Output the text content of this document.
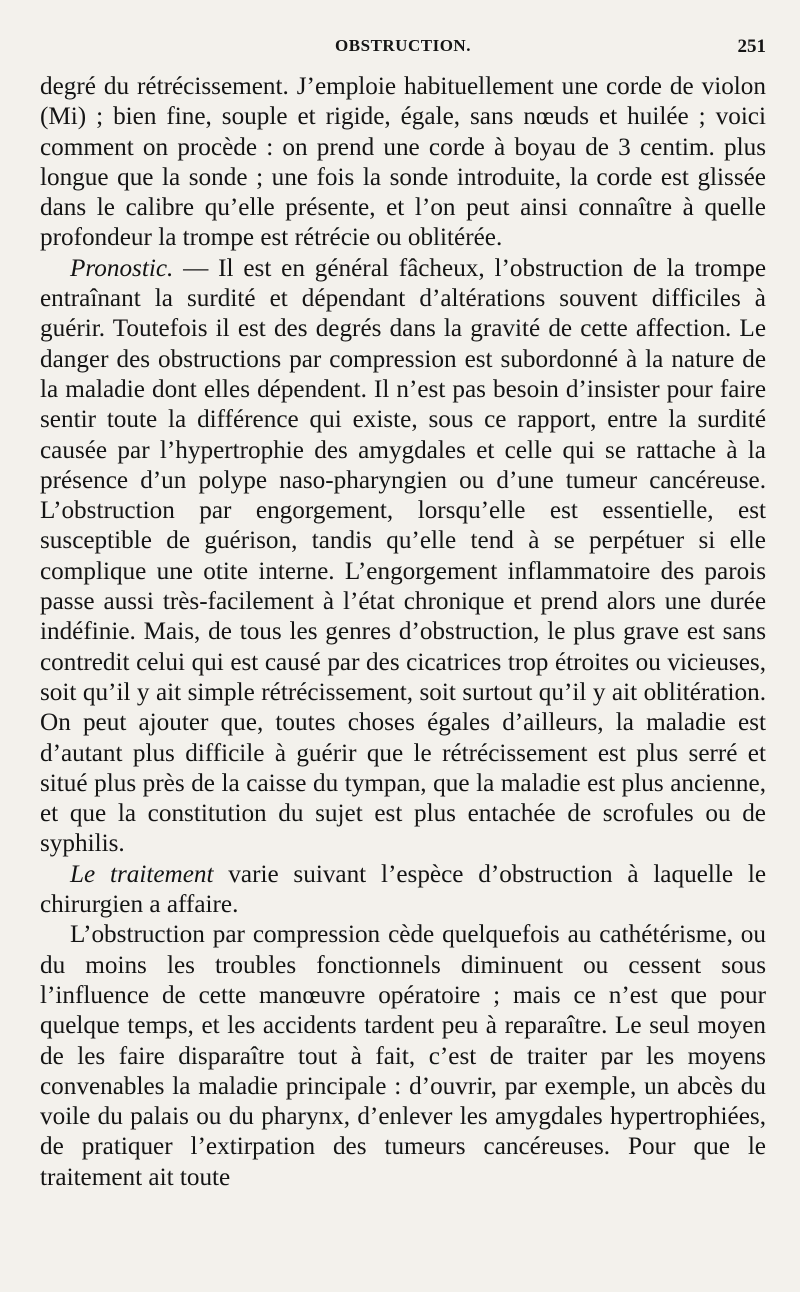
OBSTRUCTION.	251

degré du rétrécissement. J’emploie habituellement une corde de violon (Mi) ; bien fine, souple et rigide, égale, sans nœuds et huilée ; voici comment on procède : on prend une corde à boyau de 3 centim. plus longue que la sonde ; une fois la sonde introduite, la corde est glissée dans le calibre qu’elle présente, et l’on peut ainsi connaître à quelle profondeur la trompe est rétrécie ou oblitérée.

Pronostic. — Il est en général fâcheux, l’obstruction de la trompe entraînant la surdité et dépendant d’altérations souvent difficiles à guérir. Toutefois il est des degrés dans la gravité de cette affection. Le danger des obstructions par compression est subordonné à la nature de la maladie dont elles dépendent. Il n’est pas besoin d’insister pour faire sentir toute la différence qui existe, sous ce rapport, entre la surdité causée par l’hypertrophie des amygdales et celle qui se rattache à la présence d’un polype naso-pharyngien ou d’une tumeur cancéreuse. L’obstruction par engorgement, lorsqu’elle est essentielle, est susceptible de guérison, tandis qu’elle tend à se perpétuer si elle complique une otite interne. L’engorgement inflammatoire des parois passe aussi très-facilement à l’état chronique et prend alors une durée indéfinie. Mais, de tous les genres d’obstruction, le plus grave est sans contredit celui qui est causé par des cicatrices trop étroites ou vicieuses, soit qu’il y ait simple rétrécissement, soit surtout qu’il y ait oblitération. On peut ajouter que, toutes choses égales d’ailleurs, la maladie est d’autant plus difficile à guérir que le rétrécissement est plus serré et situé plus près de la caisse du tympan, que la maladie est plus ancienne, et que la constitution du sujet est plus entachée de scrofules ou de syphilis.

Le traitement varie suivant l’espèce d’obstruction à laquelle le chirurgien a affaire.

L’obstruction par compression cède quelquefois au cathétérisme, ou du moins les troubles fonctionnels diminuent ou cessent sous l’influence de cette manœuvre opératoire ; mais ce n’est que pour quelque temps, et les accidents tardent peu à reparaître. Le seul moyen de les faire disparaître tout à fait, c’est de traiter par les moyens convenables la maladie principale : d’ouvrir, par exemple, un abcès du voile du palais ou du pharynx, d’enlever les amygdales hypertrophiées, de pratiquer l’extirpation des tumeurs cancéreuses. Pour que le traitement ait toute
